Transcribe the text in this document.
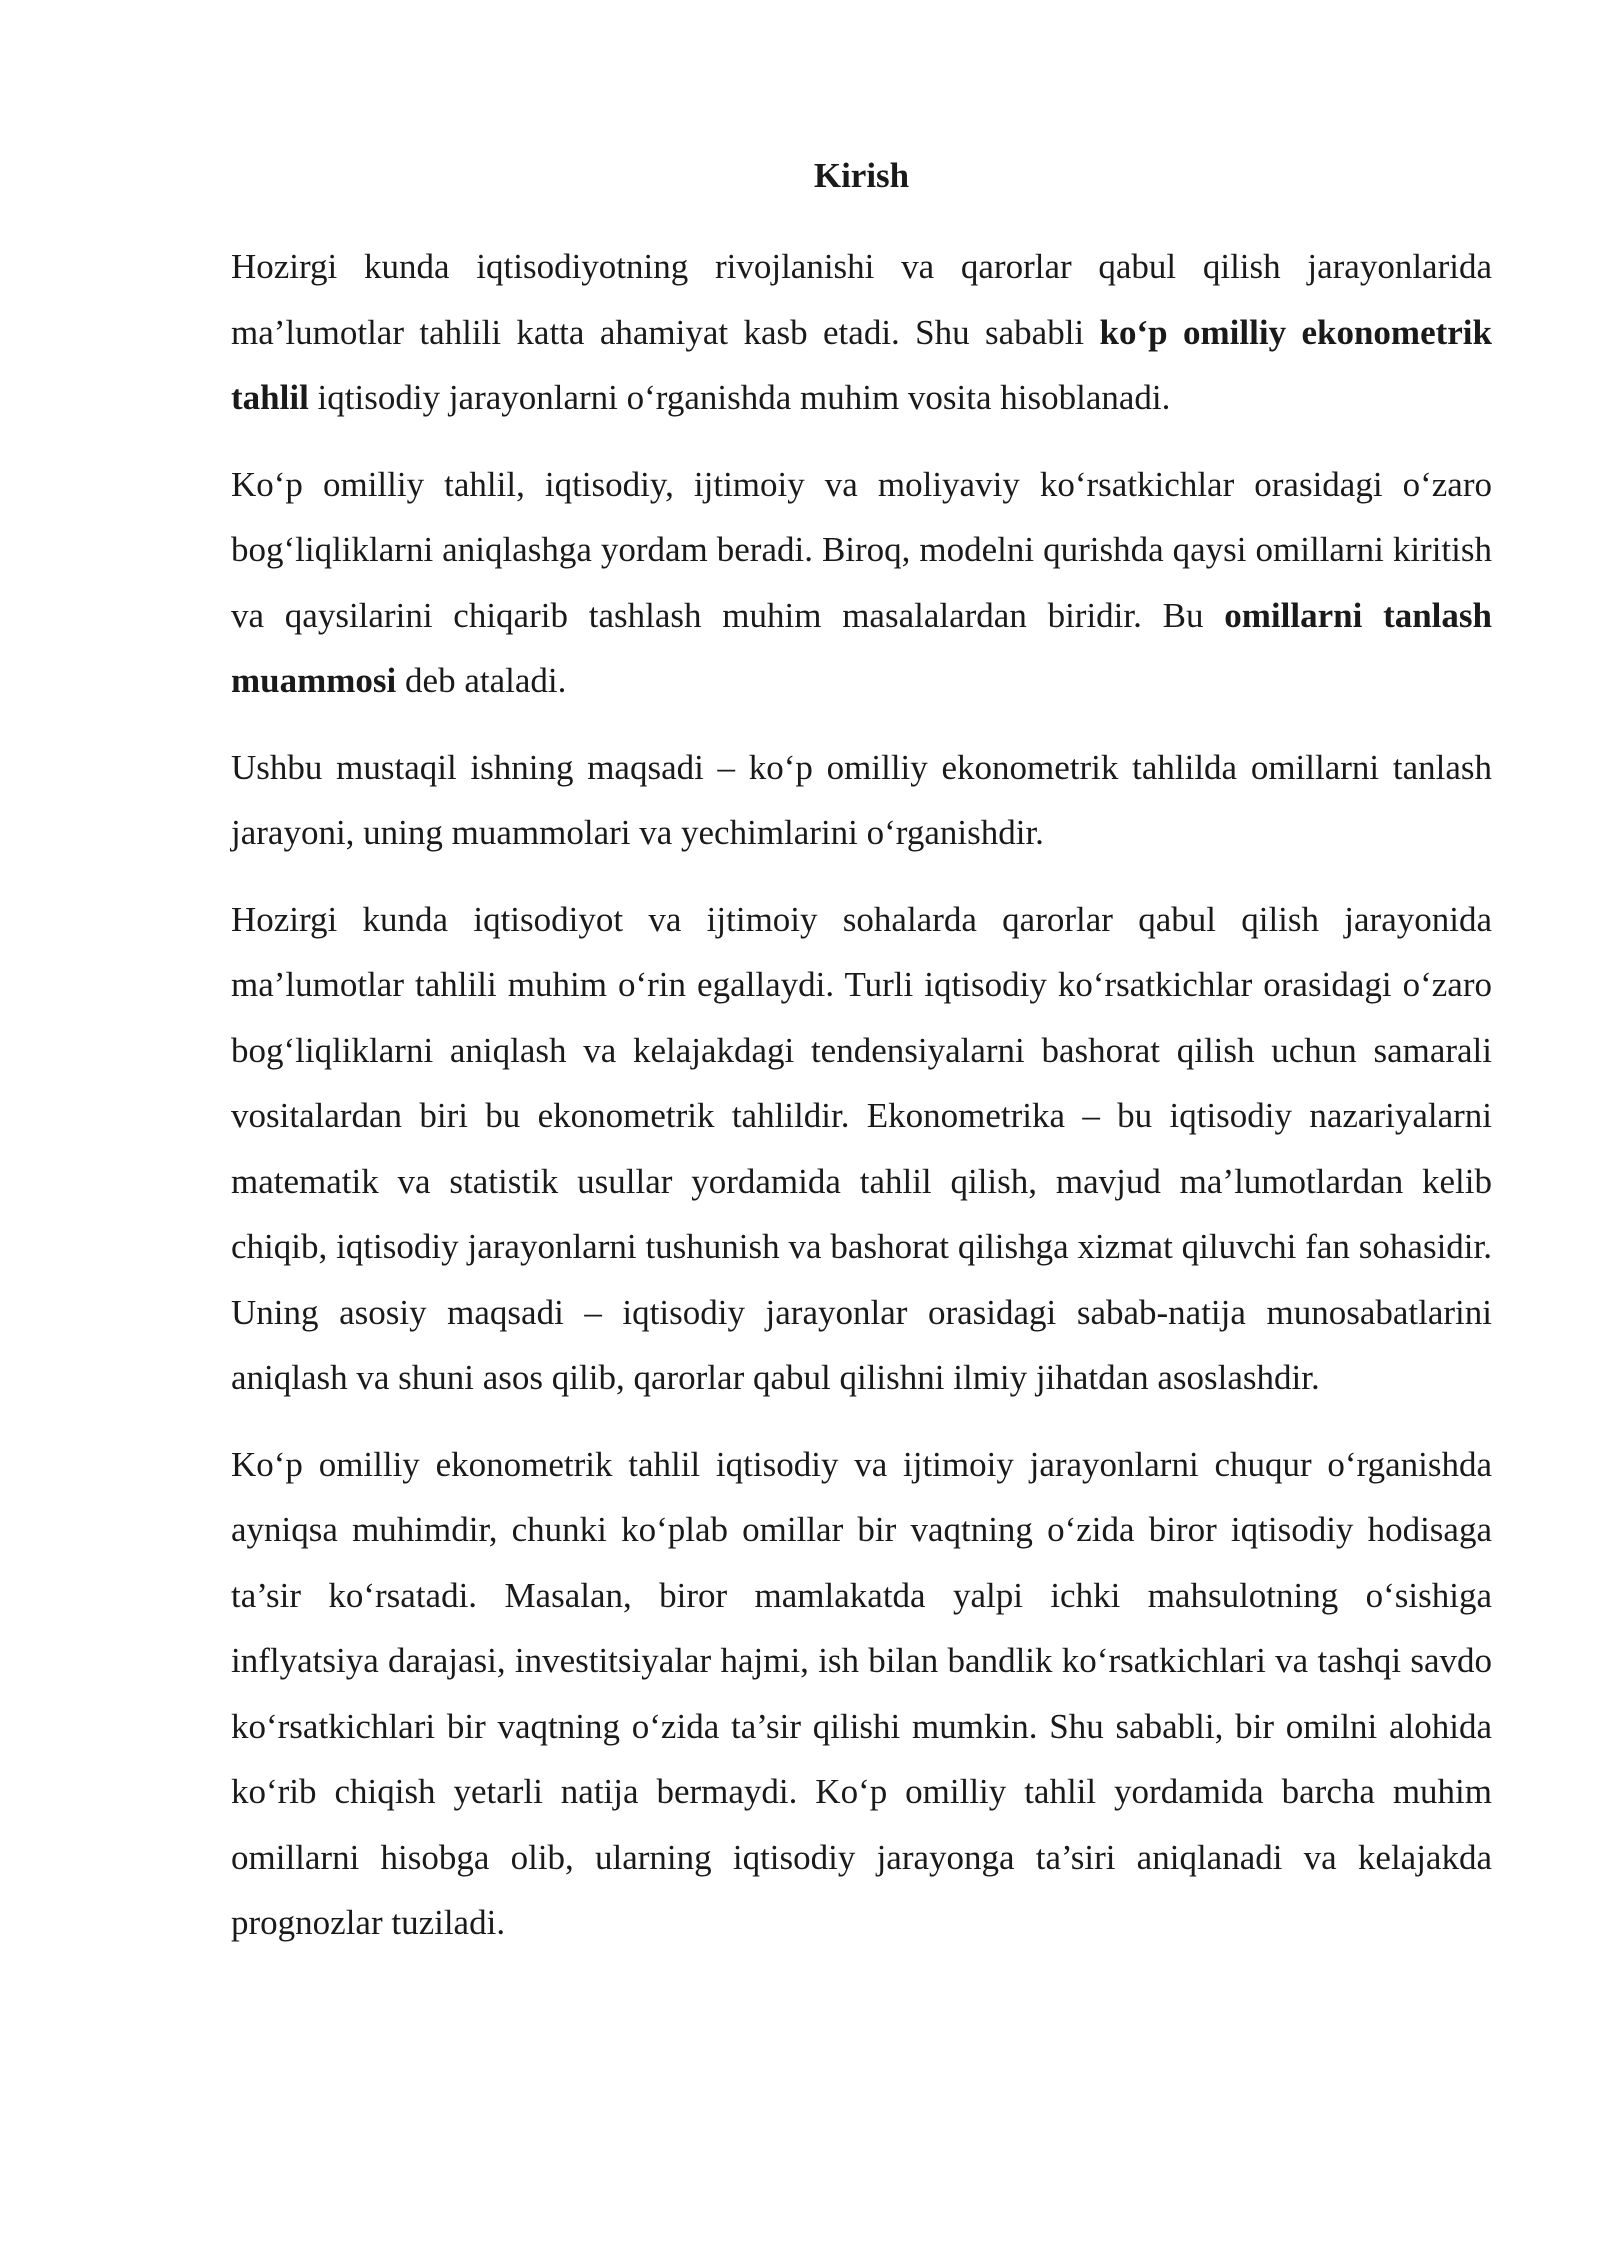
Kirish

Hozirgi kunda iqtisodiyotning rivojlanishi va qarorlar qabul qilish jarayonlarida ma’lumotlar tahlili katta ahamiyat kasb etadi. Shu sababli ko‘p omilliy ekonometrik tahlil iqtisodiy jarayonlarni o‘rganishda muhim vosita hisoblanadi.

Ko‘p omilliy tahlil, iqtisodiy, ijtimoiy va moliyaviy ko‘rsatkichlar orasidagi o‘zaro bog‘liqliklarni aniqlashga yordam beradi. Biroq, modelni qurishda qaysi omillarni kiritish va qaysilarini chiqarib tashlash muhim masalalardan biridir. Bu omillarni tanlash muammosi deb ataladi.

Ushbu mustaqil ishning maqsadi – ko‘p omilliy ekonometrik tahlilda omillarni tanlash jarayoni, uning muammolari va yechimlarini o‘rganishdir.

Hozirgi kunda iqtisodiyot va ijtimoiy sohalarda qarorlar qabul qilish jarayonida ma’lumotlar tahlili muhim o‘rin egallaydi. Turli iqtisodiy ko‘rsatkichlar orasidagi o‘zaro bog‘liqliklarni aniqlash va kelajakdagi tendensiyalarni bashorat qilish uchun samarali vositalardan biri bu ekonometrik tahlildir. Ekonometrika – bu iqtisodiy nazariyalarni matematik va statistik usullar yordamida tahlil qilish, mavjud ma’lumotlardan kelib chiqib, iqtisodiy jarayonlarni tushunish va bashorat qilishga xizmat qiluvchi fan sohasidir. Uning asosiy maqsadi – iqtisodiy jarayonlar orasidagi sabab-natija munosabatlarini aniqlash va shuni asos qilib, qarorlar qabul qilishni ilmiy jihatdan asoslashdir.

Ko‘p omilliy ekonometrik tahlil iqtisodiy va ijtimoiy jarayonlarni chuqur o‘rganishda ayniqsa muhimdir, chunki ko‘plab omillar bir vaqtning o‘zida biror iqtisodiy hodisaga ta’sir ko‘rsatadi. Masalan, biror mamlakatda yalpi ichki mahsulotning o‘sishiga inflyatsiya darajasi, investitsiyalar hajmi, ish bilan bandlik ko‘rsatkichlari va tashqi savdo ko‘rsatkichlari bir vaqtning o‘zida ta’sir qilishi mumkin. Shu sababli, bir omilni alohida ko‘rib chiqish yetarli natija bermaydi. Ko‘p omilliy tahlil yordamida barcha muhim omillarni hisobga olib, ularning iqtisodiy jarayonga ta’siri aniqlanadi va kelajakda prognozlar tuziladi.
